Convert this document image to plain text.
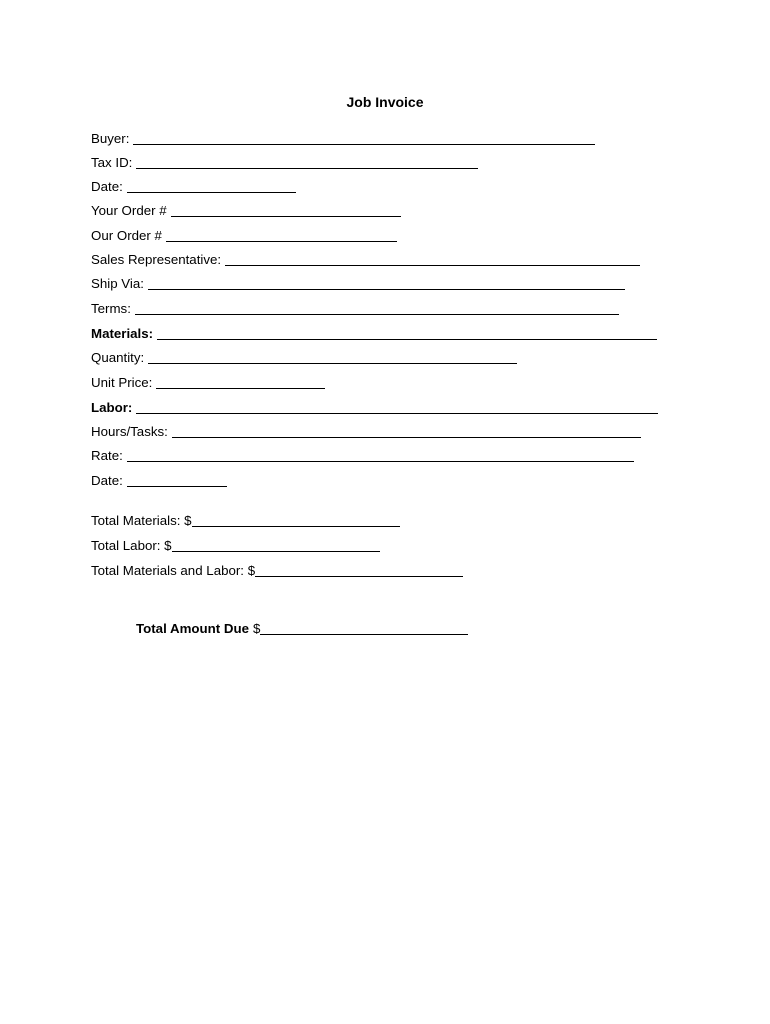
Job Invoice
Buyer:
Tax ID:
Date:
Your Order #
Our Order #
Sales Representative:
Ship Via:
Terms:
Materials:
Quantity:
Unit Price:
Labor:
Hours/Tasks:
Rate:
Date:
Total Materials: $
Total Labor: $
Total Materials and Labor: $
Total Amount Due $
